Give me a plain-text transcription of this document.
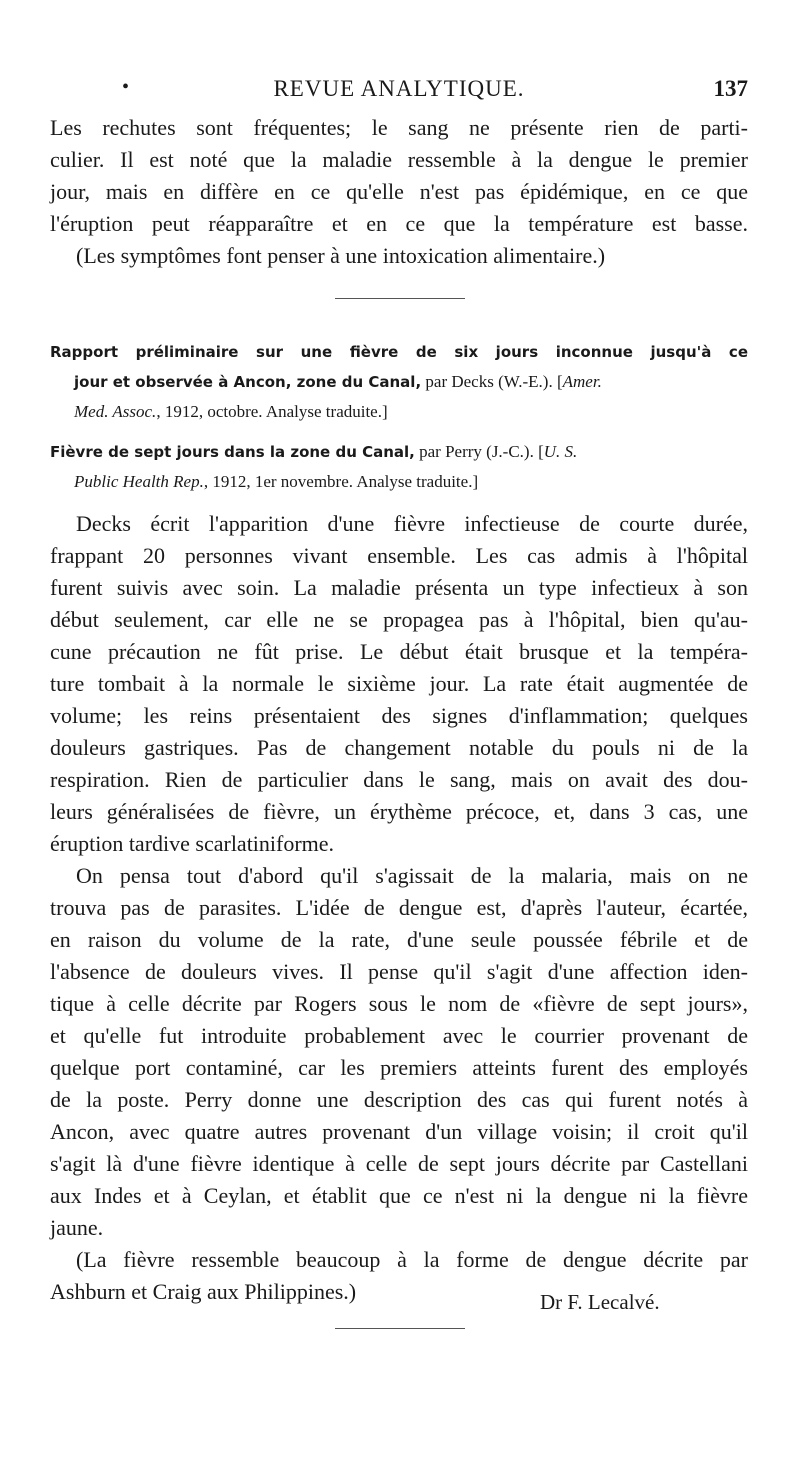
•	REVUE ANALYTIQUE.	137
Les rechutes sont fréquentes; le sang ne présente rien de parti-
culier. Il est noté que la maladie ressemble à la dengue le premier
jour, mais en diffère en ce qu'elle n'est pas épidémique, en ce que
l'éruption peut réapparaître et en ce que la température est basse.
(Les symptômes font penser à une intoxication alimentaire.)
Rapport préliminaire sur une fièvre de six jours inconnue jusqu'à ce
jour et observée à Ancon, zone du Canal, par Decks (W.-E.). [Amer.
Med. Assoc., 1912, octobre. Analyse traduite.]
Fièvre de sept jours dans la zone du Canal, par Perry (J.-C.). [U. S.
Public Health Rep., 1912, 1er novembre. Analyse traduite.]
Decks écrit l'apparition d'une fièvre infectieuse de courte durée,
frappant 20 personnes vivant ensemble. Les cas admis à l'hôpital
furent suivis avec soin. La maladie présenta un type infectieux à son
début seulement, car elle ne se propagea pas à l'hôpital, bien qu'au-
cune précaution ne fût prise. Le début était brusque et la tempéra-
ture tombait à la normale le sixième jour. La rate était augmentée de
volume; les reins présentaient des signes d'inflammation; quelques
douleurs gastriques. Pas de changement notable du pouls ni de la
respiration. Rien de particulier dans le sang, mais on avait des dou-
leurs généralisées de fièvre, un érythème précoce, et, dans 3 cas, une
éruption tardive scarlatiniforme.
On pensa tout d'abord qu'il s'agissait de la malaria, mais on ne
trouva pas de parasites. L'idée de dengue est, d'après l'auteur, écartée,
en raison du volume de la rate, d'une seule poussée fébrile et de
l'absence de douleurs vives. Il pense qu'il s'agit d'une affection iden-
tique à celle décrite par Rogers sous le nom de «fièvre de sept jours»,
et qu'elle fut introduite probablement avec le courrier provenant de
quelque port contaminé, car les premiers atteints furent des employés
de la poste. Perry donne une description des cas qui furent notés à
Ancon, avec quatre autres provenant d'un village voisin; il croit qu'il
s'agit là d'une fièvre identique à celle de sept jours décrite par Castellani
aux Indes et à Ceylan, et établit que ce n'est ni la dengue ni la fièvre
jaune.
(La fièvre ressemble beaucoup à la forme de dengue décrite par
Ashburn et Craig aux Philippines.)	Dr F. Lecalvé.
